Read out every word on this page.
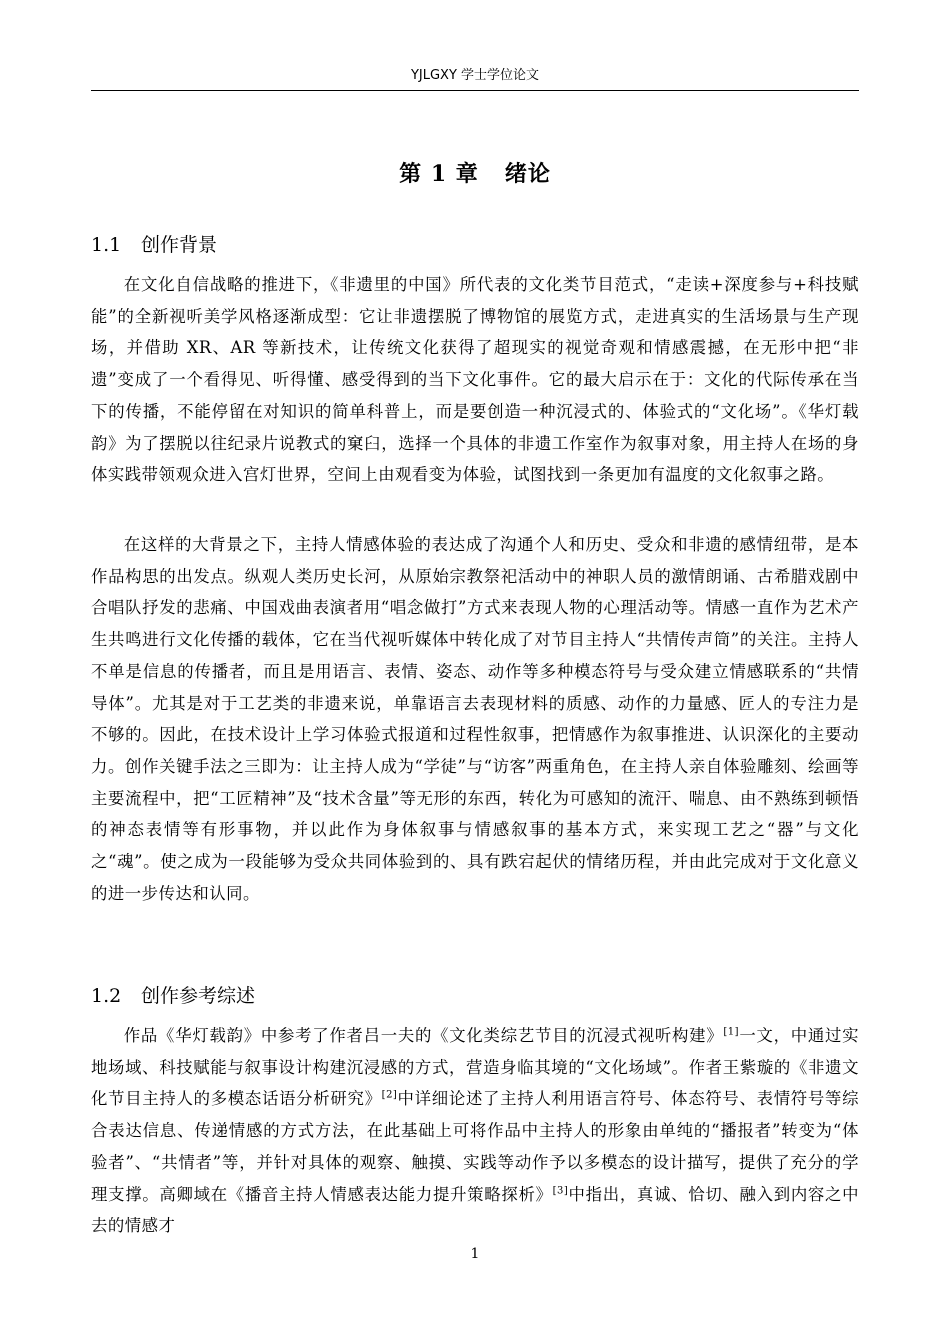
YJLGXY 学士学位论文
第 1 章 绪论
1.1 创作背景

在文化自信战略的推进下，《非遗里的中国》所代表的文化类节目范式，“走读+深度参与+科技赋能”的全新视听美学风格逐渐成型：它让非遗摆脱了博物馆的展览方式，走进真实的生活场景与生产现场，并借助 XR、AR 等新技术，让传统文化获得了超现实的视觉奇观和情感震撼，在无形中把“非遗”变成了一个看得见、听得懂、感受得到的当下文化事件。它的最大启示在于：文化的代际传承在当下的传播，不能停留在对知识的简单科普上，而是要创造一种沉浸式的、体验式的“文化场”。《华灯载韵》为了摆脱以往纪录片说教式的窠臼，选择一个具体的非遗工作室作为叙事对象，用主持人在场的身体实践带领观众进入宫灯世界，空间上由观看变为体验，试图找到一条更加有温度的文化叙事之路。

在这样的大背景之下，主持人情感体验的表达成了沟通个人和历史、受众和非遗的感情纽带，是本作品构思的出发点。纵观人类历史长河，从原始宗教祭祀活动中的神职人员的激情朗诵、古希腊戏剧中合唱队抒发的悲痛、中国戏曲表演者用“唱念做打”方式来表现人物的心理活动等。情感一直作为艺术产生共鸣进行文化传播的载体，它在当代视听媒体中转化成了对节目主持人“共情传声筒”的关注。主持人不单是信息的传播者，而且是用语言、表情、姿态、动作等多种模态符号与受众建立情感联系的“共情导体”。尤其是对于工艺类的非遗来说，单靠语言去表现材料的质感、动作的力量感、匠人的专注力是不够的。因此，在技术设计上学习体验式报道和过程性叙事，把情感作为叙事推进、认识深化的主要动力。创作关键手法之三即为：让主持人成为“学徒”与“访客”两重角色，在主持人亲自体验雕刻、绘画等主要流程中，把“工匠精神”及“技术含量”等无形的东西，转化为可感知的流汗、喘息、由不熟练到顿悟的神态表情等有形事物，并以此作为身体叙事与情感叙事的基本方式，来实现工艺之“器”与文化之“魂”。使之成为一段能够为受众共同体验到的、具有跌宕起伏的情绪历程，并由此完成对于文化意义的进一步传达和认同。

1.2 创作参考综述

作品《华灯载韵》中参考了作者吕一夫的《文化类综艺节目的沉浸式视听构建》[1]一文，中通过实地场域、科技赋能与叙事设计构建沉浸感的方式，营造身临其境的“文化场域”。作者王紫璇的《非遗文化节目主持人的多模态话语分析研究》[2]中详细论述了主持人利用语言符号、体态符号、表情符号等综合表达信息、传递情感的方式方法，在此基础上可将作品中主持人的形象由单纯的“播报者”转变为“体验者”、“共情者”等，并针对具体的观察、触摸、实践等动作予以多模态的设计描写，提供了充分的学理支撑。高卿域在《播音主持人情感表达能力提升策略探析》[3]中指出，真诚、恰切、融入到内容之中去的情感才

1
